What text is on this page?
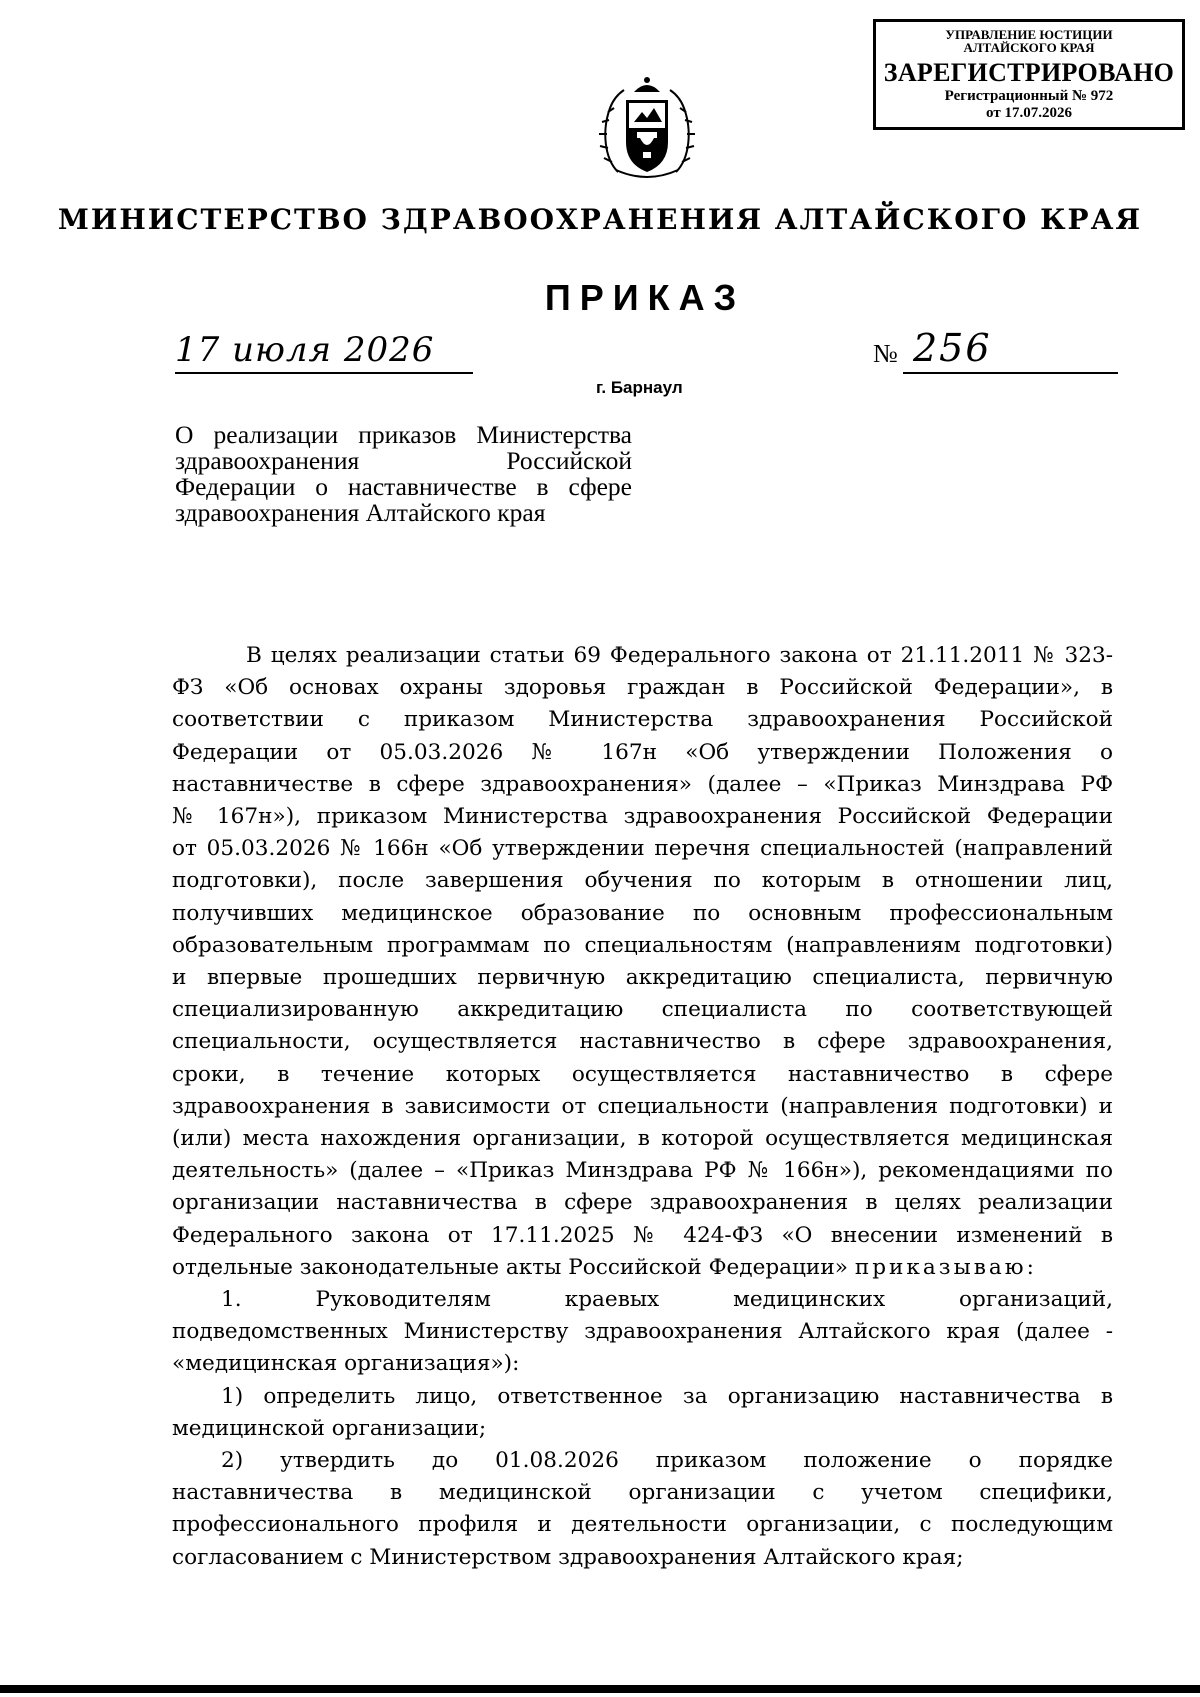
УПРАВЛЕНИЕ ЮСТИЦИИ
АЛТАЙСКОГО КРАЯ
ЗАРЕГИСТРИРОВАНО
Регистрационный № 972
от 17.07.2026
МИНИСТЕРСТВО ЗДРАВООХРАНЕНИЯ АЛТАЙСКОГО КРАЯ
ПРИКАЗ
17 июля 2026	№ 256
г. Барнаул
О реализации приказов Министерства
здравоохранения Российской
Федерации о наставничестве в сфере
здравоохранения Алтайского края
В целях реализации статьи 69 Федерального закона от 21.11.2011 № 323-
ФЗ «Об основах охраны здоровья граждан в Российской Федерации», в
соответствии с приказом Министерства здравоохранения Российской
Федерации от 05.03.2026 № 167н «Об утверждении Положения о
наставничестве в сфере здравоохранения» (далее – «Приказ Минздрава РФ
№ 167н»), приказом Министерства здравоохранения Российской Федерации
от 05.03.2026 № 166н «Об утверждении перечня специальностей (направлений
подготовки), после завершения обучения по которым в отношении лиц,
получивших медицинское образование по основным профессиональным
образовательным программам по специальностям (направлениям подготовки)
и впервые прошедших первичную аккредитацию специалиста, первичную
специализированную аккредитацию специалиста по соответствующей
специальности, осуществляется наставничество в сфере здравоохранения,
сроки, в течение которых осуществляется наставничество в сфере
здравоохранения в зависимости от специальности (направления подготовки) и
(или) места нахождения организации, в которой осуществляется медицинская
деятельность» (далее – «Приказ Минздрава РФ № 166н»), рекомендациями по
организации наставничества в сфере здравоохранения в целях реализации
Федерального закона от 17.11.2025 № 424-ФЗ «О внесении изменений в
отдельные законодательные акты Российской Федерации» приказываю:
1. Руководителям краевых медицинских организаций,
подведомственных Министерству здравоохранения Алтайского края (далее -
«медицинская организация»):
1) определить лицо, ответственное за организацию наставничества в
медицинской организации;
2) утвердить до 01.08.2026 приказом положение о порядке
наставничества в медицинской организации с учетом специфики,
профессионального профиля и деятельности организации, с последующим
согласованием с Министерством здравоохранения Алтайского края;
